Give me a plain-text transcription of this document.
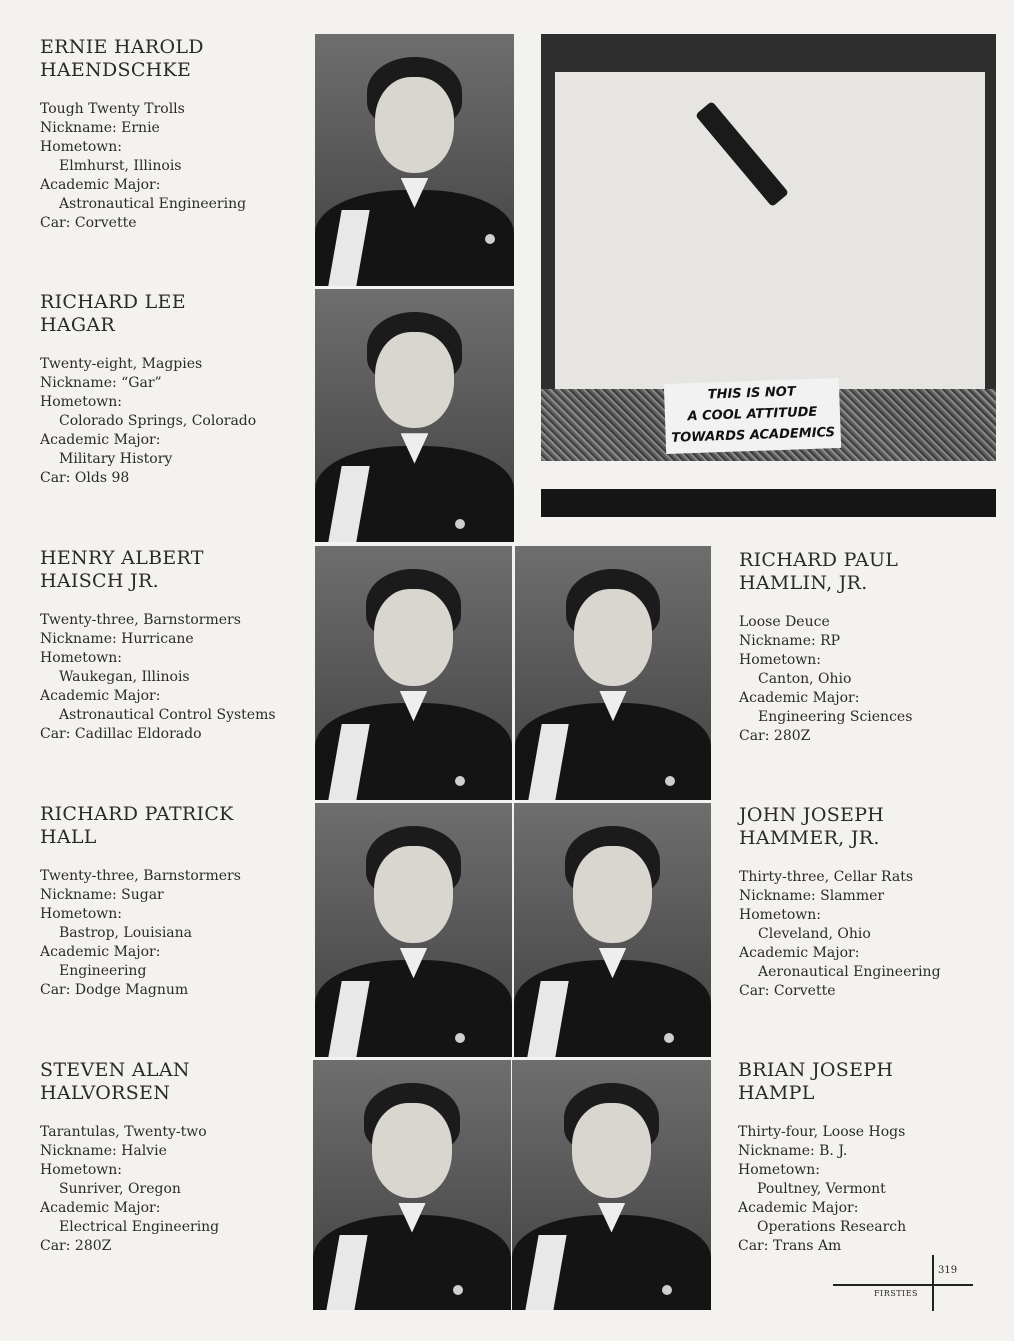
ERNIE HAROLD
HAENDSCHKE
Tough Twenty Trolls
Nickname: Ernie
Hometown:
Elmhurst, Illinois
Academic Major:
Astronautical Engineering
Car: Corvette
RICHARD LEE
HAGAR
Twenty-eight, Magpies
Nickname: “Gar”
Hometown:
Colorado Springs, Colorado
Academic Major:
Military History
Car: Olds 98
HENRY ALBERT
HAISCH JR.
Twenty-three, Barnstormers
Nickname: Hurricane
Hometown:
Waukegan, Illinois
Academic Major:
Astronautical Control Systems
Car: Cadillac Eldorado
RICHARD PATRICK
HALL
Twenty-three, Barnstormers
Nickname: Sugar
Hometown:
Bastrop, Louisiana
Academic Major:
Engineering
Car: Dodge Magnum
STEVEN ALAN
HALVORSEN
Tarantulas, Twenty-two
Nickname: Halvie
Hometown:
Sunriver, Oregon
Academic Major:
Electrical Engineering
Car: 280Z
RICHARD PAUL
HAMLIN, JR.
Loose Deuce
Nickname: RP
Hometown:
Canton, Ohio
Academic Major:
Engineering Sciences
Car: 280Z
JOHN JOSEPH
HAMMER, JR.
Thirty-three, Cellar Rats
Nickname: Slammer
Hometown:
Cleveland, Ohio
Academic Major:
Aeronautical Engineering
Car: Corvette
BRIAN JOSEPH
HAMPL
Thirty-four, Loose Hogs
Nickname: B. J.
Hometown:
Poultney, Vermont
Academic Major:
Operations Research
Car: Trans Am
THIS IS NOT
A COOL ATTITUDE
TOWARDS ACADEMICS
319
FIRSTIES
